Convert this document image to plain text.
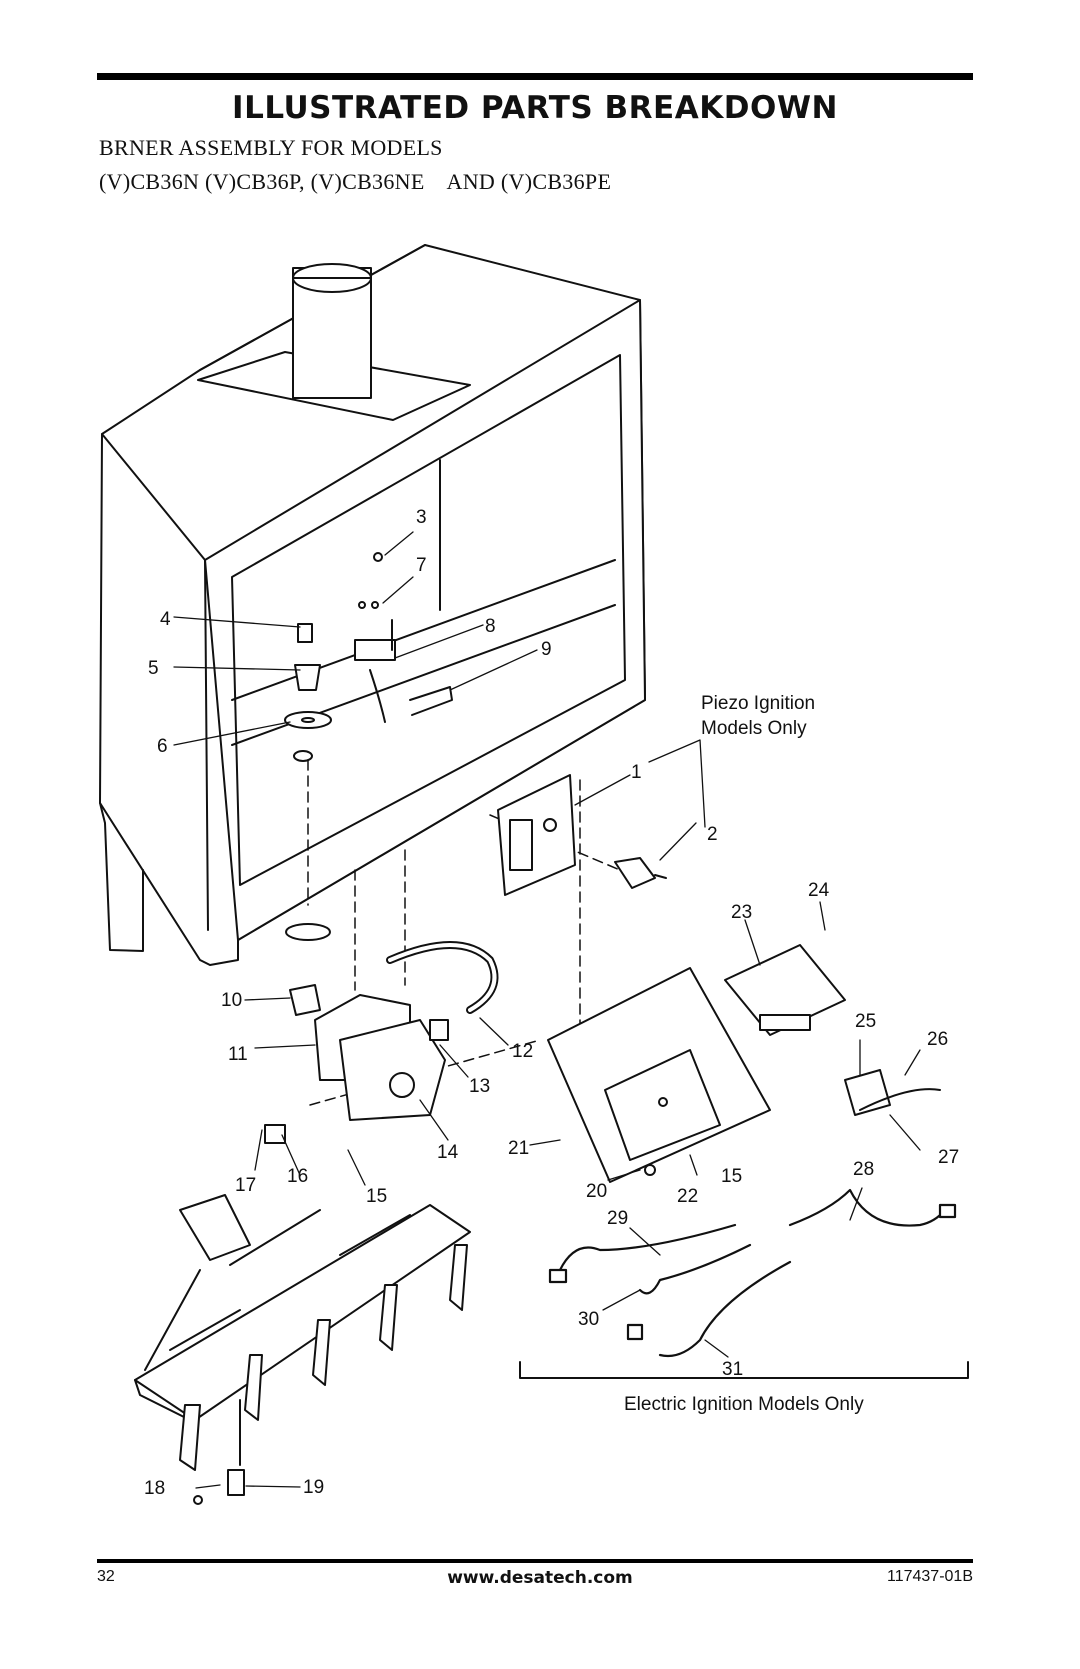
ILLUSTRATED PARTS BREAKDOWN
BRNER ASSEMBLY FOR MODELS
(V)CB36N (V)CB36P, (V)CB36NE    AND (V)CB36PE
1
2
3
4
5
6
7
8
9
10
11	12
13
14
15
15
16
17
18	19
20
21
22
23
24
25
26
27
28
29
30
31
Piezo Ignition
Models Only
Electric Ignition Models Only
32	www.desatech.com	117437-01B
